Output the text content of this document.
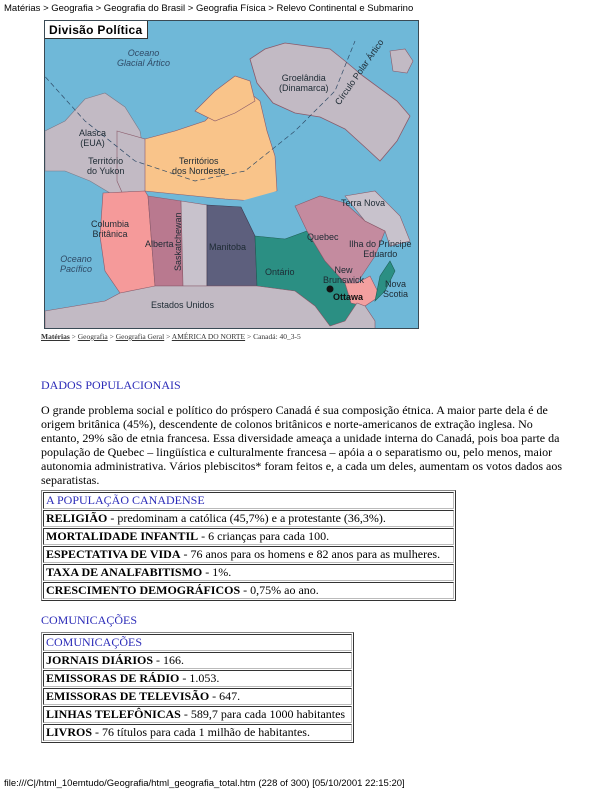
Matérias > Geografia > Geografia do Brasil > Geografia Física > Relevo Continental e Submarino
Divisão Política
Oceano
Glacial Ártico
Groelândia
(Dinamarca) Círculo Polar Ártico
Alasca
(EUA)
Território
do Yukon
Territórios
dos Nordeste
Terra Nova
Columbia
Britânica
Alberta Saskatchewan	Manitoba
Quebec
Ilha do Príncipe
Eduardo
Oceano
Pacífico	Ontário	New
Brunswick Nova
Scotia
Ottawa
Estados Unidos
Matérias > Geografia > Geografia Geral > AMÉRICA DO NORTE > Canadá: 40_3-5
DADOS POPULACIONAIS
O grande problema social e político do próspero Canadá é sua composição étnica. A maior parte dela é de origem britânica (45%), descendente de colonos britânicos e norte-americanos de extração inglesa. No entanto, 29% são de etnia francesa. Essa diversidade ameaça a unidade interna do Canadá, pois boa parte da população de Quebec – lingüística e culturalmente francesa – apóia a o separatismo ou, pelo menos, maior autonomia administrativa. Vários plebiscitos* foram feitos e, a cada um deles, aumentam os votos dados aos separatistas.
A POPULAÇÃO CANADENSE
RELIGIÃO - predominam a católica (45,7%) e a protestante (36,3%).
MORTALIDADE INFANTIL - 6 crianças para cada 100.
ESPECTATIVA DE VIDA - 76 anos para os homens e 82 anos para as mulheres.
TAXA DE ANALFABITISMO - 1%.
CRESCIMENTO DEMOGRÁFICOS - 0,75% ao ano.
COMUNICAÇÕES
COMUNICAÇÕES
JORNAIS DIÁRIOS - 166.
EMISSORAS DE RÁDIO - 1.053.
EMISSORAS DE TELEVISÃO - 647.
LINHAS TELEFÔNICAS - 589,7 para cada 1000 habitantes
LIVROS - 76 títulos para cada 1 milhão de habitantes.
file:///C|/html_10emtudo/Geografia/html_geografia_total.htm (228 of 300) [05/10/2001 22:15:20]
